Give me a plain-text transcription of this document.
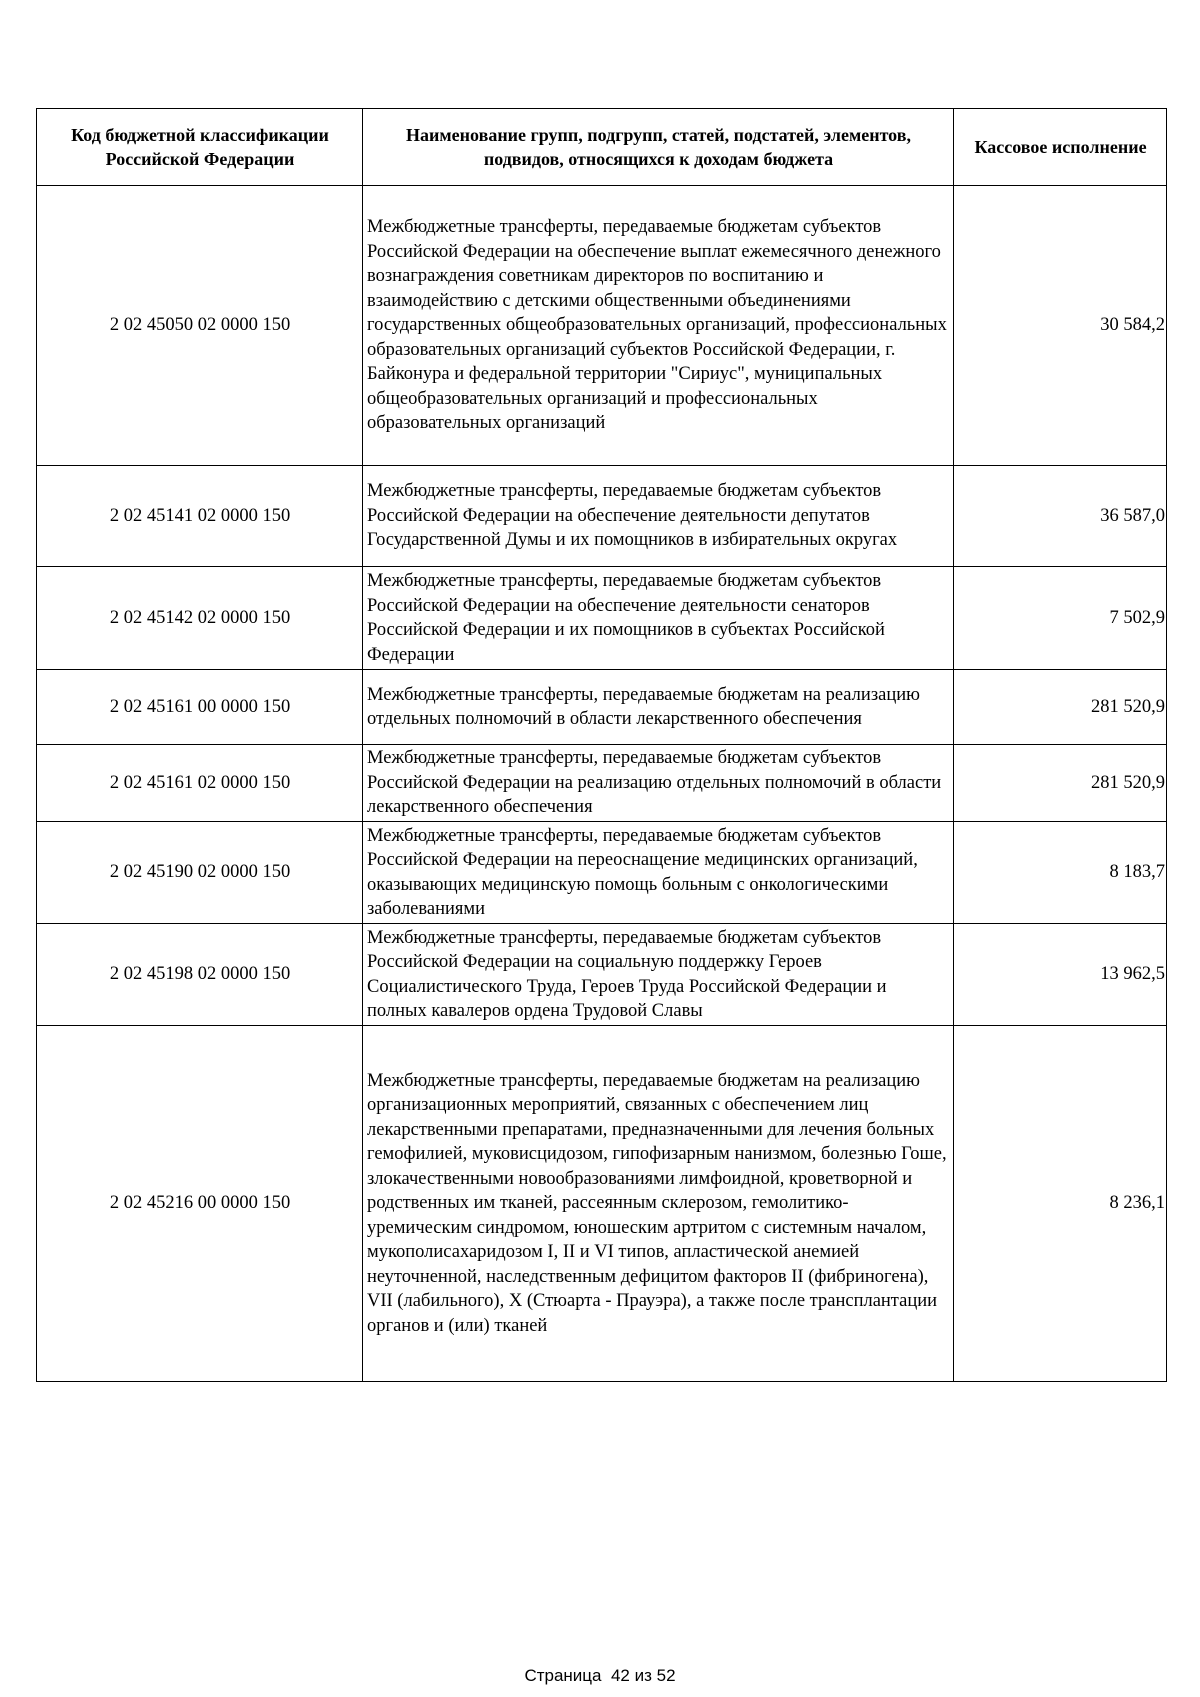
Код бюджетной классификации Российской Федерации	Наименование групп, подгрупп, статей, подстатей, элементов, подвидов, относящихся к доходам бюджета	Кассовое исполнение
2 02 45050 02 0000 150	Межбюджетные трансферты, передаваемые бюджетам субъектов Российской Федерации на обеспечение выплат ежемесячного денежного вознаграждения советникам директоров по воспитанию и взаимодействию с детскими общественными объединениями государственных общеобразовательных организаций, профессиональных образовательных организаций субъектов Российской Федерации, г. Байконура и федеральной территории "Сириус", муниципальных общеобразовательных организаций и профессиональных образовательных организаций	30 584,2
2 02 45141 02 0000 150	Межбюджетные трансферты, передаваемые бюджетам субъектов Российской Федерации на обеспечение деятельности депутатов Государственной Думы и их помощников в избирательных округах	36 587,0
2 02 45142 02 0000 150	Межбюджетные трансферты, передаваемые бюджетам субъектов Российской Федерации на обеспечение деятельности сенаторов Российской Федерации и их помощников в субъектах Российской Федерации	7 502,9
2 02 45161 00 0000 150	Межбюджетные трансферты, передаваемые бюджетам на реализацию отдельных полномочий в области лекарственного обеспечения	281 520,9
2 02 45161 02 0000 150	Межбюджетные трансферты, передаваемые бюджетам субъектов Российской Федерации на реализацию отдельных полномочий в области лекарственного обеспечения	281 520,9
2 02 45190 02 0000 150	Межбюджетные трансферты, передаваемые бюджетам субъектов Российской Федерации на переоснащение медицинских организаций, оказывающих медицинскую помощь больным с онкологическими заболеваниями	8 183,7
2 02 45198 02 0000 150	Межбюджетные трансферты, передаваемые бюджетам субъектов Российской Федерации на социальную поддержку Героев Социалистического Труда, Героев Труда Российской Федерации и полных кавалеров ордена Трудовой Славы	13 962,5
2 02 45216 00 0000 150	Межбюджетные трансферты, передаваемые бюджетам на реализацию организационных мероприятий, связанных с обеспечением лиц лекарственными препаратами, предназначенными для лечения больных гемофилией, муковисцидозом, гипофизарным нанизмом, болезнью Гоше, злокачественными новообразованиями лимфоидной, кроветворной и родственных им тканей, рассеянным склерозом, гемолитико-уремическим синдромом, юношеским артритом с системным началом, мукополисахаридозом I, II и VI типов, апластической анемией неуточненной, наследственным дефицитом факторов II (фибриногена), VII (лабильного), X (Стюарта - Прауэра), а также после трансплантации органов и (или) тканей	8 236,1
Страница 42 из 52
